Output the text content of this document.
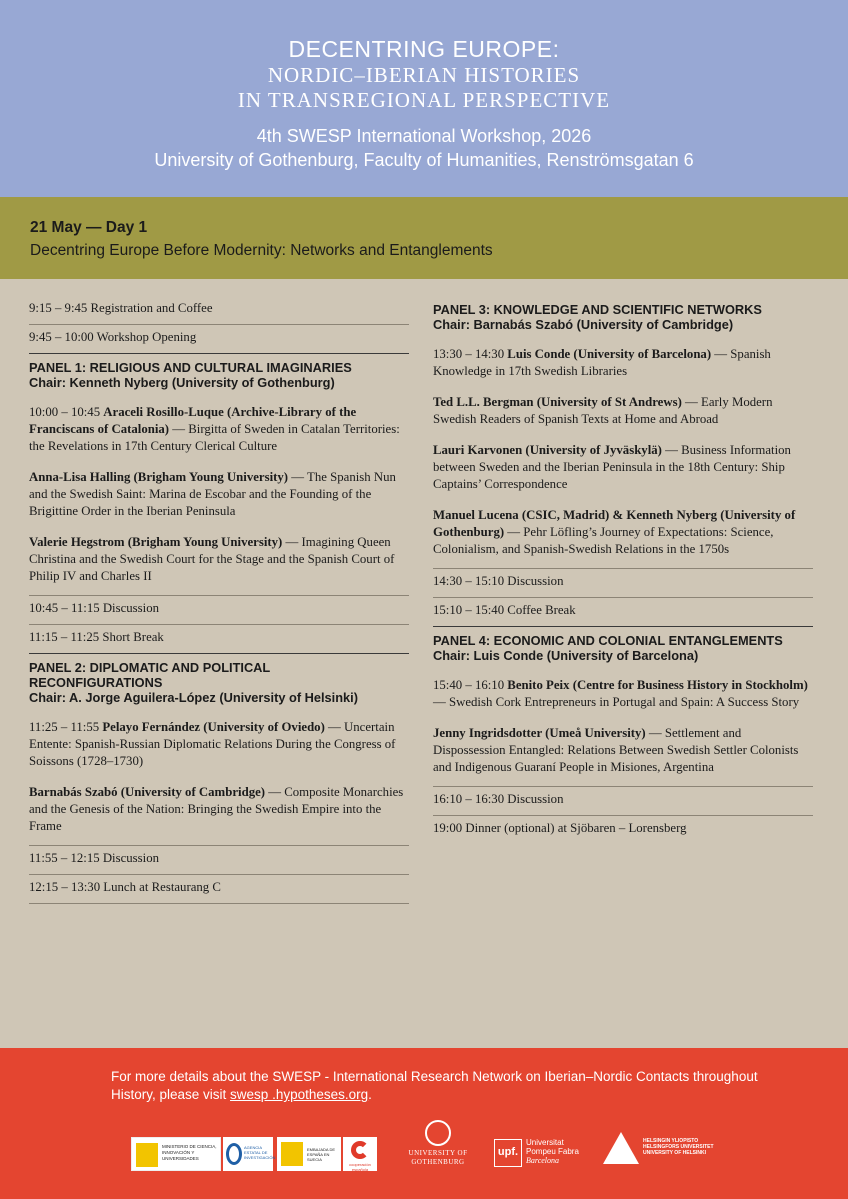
DECENTRING EUROPE:
NORDIC–IBERIAN HISTORIES
IN TRANSREGIONAL PERSPECTIVE
4th SWESP International Workshop, 2026
University of Gothenburg, Faculty of Humanities, Renströmsgatan 6
21 May — Day 1
Decentring Europe Before Modernity: Networks and Entanglements
9:15 – 9:45 Registration and Coffee
9:45 – 10:00 Workshop Opening
PANEL 1: RELIGIOUS AND CULTURAL IMAGINARIES
Chair: Kenneth Nyberg (University of Gothenburg)
10:00 – 10:45 Araceli Rosillo-Luque (Archive-Library of the Franciscans of Catalonia) — Birgitta of Sweden in Catalan Territories: the Revelations in 17th Century Clerical Culture
Anna-Lisa Halling (Brigham Young University) — The Spanish Nun and the Swedish Saint: Marina de Escobar and the Founding of the Brigittine Order in the Iberian Peninsula
Valerie Hegstrom (Brigham Young University) — Imagining Queen Christina and the Swedish Court for the Stage and the Spanish Court of Philip IV and Charles II
10:45 – 11:15 Discussion
11:15 – 11:25 Short Break
PANEL 2: DIPLOMATIC AND POLITICAL
RECONFIGURATIONS
Chair: A. Jorge Aguilera-López (University of Helsinki)
11:25 – 11:55 Pelayo Fernández (University of Oviedo) — Uncertain Entente: Spanish-Russian Diplomatic Relations During the Congress of Soissons (1728–1730)
Barnabás Szabó (University of Cambridge) — Composite Monarchies and the Genesis of the Nation: Bringing the Swedish Empire into the Frame
11:55 – 12:15 Discussion
12:15 – 13:30 Lunch at Restaurang C
PANEL 3: KNOWLEDGE AND SCIENTIFIC NETWORKS
Chair: Barnabás Szabó (University of Cambridge)
13:30 – 14:30 Luis Conde (University of Barcelona) — Spanish Knowledge in 17th Swedish Libraries
Ted L.L. Bergman (University of St Andrews) — Early Modern Swedish Readers of Spanish Texts at Home and Abroad
Lauri Karvonen (University of Jyväskylä) — Business Information between Sweden and the Iberian Peninsula in the 18th Century: Ship Captains’ Correspondence
Manuel Lucena (CSIC, Madrid) & Kenneth Nyberg (University of Gothenburg) — Pehr Löfling’s Journey of Expectations: Science, Colonialism, and Spanish-Swedish Relations in the 1750s
14:30 – 15:10 Discussion
15:10 – 15:40 Coffee Break
PANEL 4: ECONOMIC AND COLONIAL ENTANGLEMENTS
Chair: Luis Conde (University of Barcelona)
15:40 – 16:10 Benito Peix (Centre for Business History in Stockholm) — Swedish Cork Entrepreneurs in Portugal and Spain: A Success Story
Jenny Ingridsdotter (Umeå University) — Settlement and Dispossession Entangled: Relations Between Swedish Settler Colonists and Indigenous Guaraní People in Misiones, Argentina
16:10 – 16:30 Discussion
19:00 Dinner (optional) at Sjöbaren – Lorensberg
For more details about the SWESP - International Research Network on Iberian–Nordic Contacts throughout History, please visit swesp .hypotheses.org.
MINISTERIO DE CIENCIA, INNOVACIÓN Y UNIVERSIDADES
AGENCIA ESTATAL DE INVESTIGACIÓN
EMBAJADA DE ESPAÑA EN SUECIA
cooperación española
UNIVERSITY OF GOTHENBURG
upf.
Universitat
Pompeu Fabra
Barcelona
HELSINGIN YLIOPISTO HELSINGFORS UNIVERSITET UNIVERSITY OF HELSINKI
